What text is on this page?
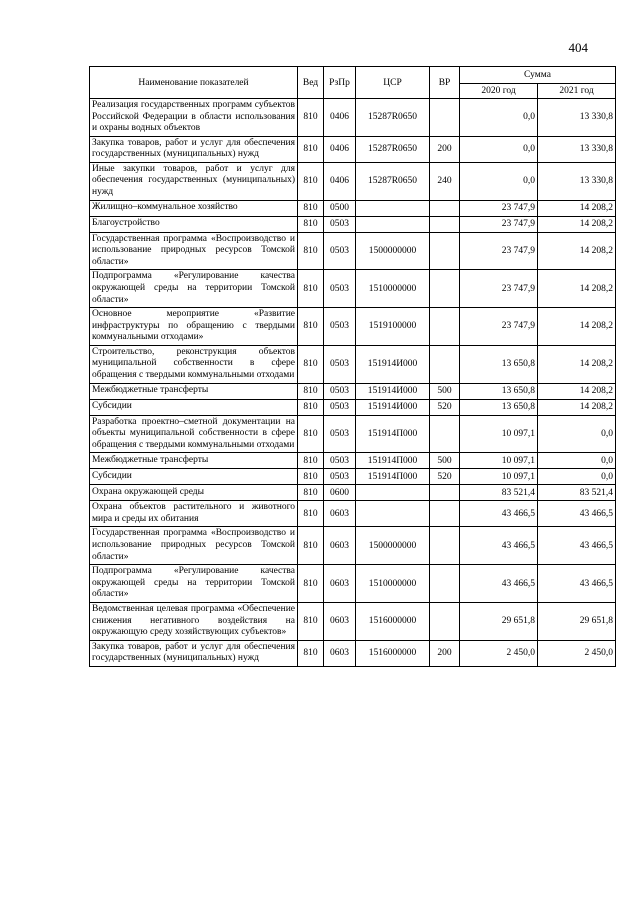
404
Наименование показателей	Вед	РзПр	ЦСР	ВР	Сумма	
					2020 год	2021 год
Реализация государственных программ субъектов Российской Федерации в области использования и охраны водных объектов	810	0406	15287R0650		0,0	13 330,8
Закупка товаров, работ и услуг для обеспечения государственных (муниципальных) нужд	810	0406	15287R0650	200	0,0	13 330,8
Иные закупки товаров, работ и услуг для обеспечения государственных (муниципальных) нужд	810	0406	15287R0650	240	0,0	13 330,8
Жилищно–коммунальное хозяйство	810	0500			23 747,9	14 208,2
Благоустройство	810	0503			23 747,9	14 208,2
Государственная программа «Воспроизводство и использование природных ресурсов Томской области»	810	0503	1500000000		23 747,9	14 208,2
Подпрограмма «Регулирование качества окружающей среды на территории Томской области»	810	0503	1510000000		23 747,9	14 208,2
Основное мероприятие «Развитие инфраструктуры по обращению с твердыми коммунальными отходами»	810	0503	1519100000		23 747,9	14 208,2
Строительство, реконструкция объектов муниципальной собственности в сфере обращения с твердыми коммунальными отходами	810	0503	151914И000		13 650,8	14 208,2
Межбюджетные трансферты	810	0503	151914И000	500	13 650,8	14 208,2
Субсидии	810	0503	151914И000	520	13 650,8	14 208,2
Разработка проектно–сметной документации на объекты муниципальной собственности в сфере обращения с твердыми коммунальными отходами	810	0503	151914П000		10 097,1	0,0
Межбюджетные трансферты	810	0503	151914П000	500	10 097,1	0,0
Субсидии	810	0503	151914П000	520	10 097,1	0,0
Охрана окружающей среды	810	0600			83 521,4	83 521,4
Охрана объектов растительного и животного мира и среды их обитания	810	0603			43 466,5	43 466,5
Государственная программа «Воспроизводство и использование природных ресурсов Томской области»	810	0603	1500000000		43 466,5	43 466,5
Подпрограмма «Регулирование качества окружающей среды на территории Томской области»	810	0603	1510000000		43 466,5	43 466,5
Ведомственная целевая программа «Обеспечение снижения негативного воздействия на окружающую среду хозяйствующих субъектов»	810	0603	1516000000		29 651,8	29 651,8
Закупка товаров, работ и услуг для обеспечения государственных (муниципальных) нужд	810	0603	1516000000	200	2 450,0	2 450,0
